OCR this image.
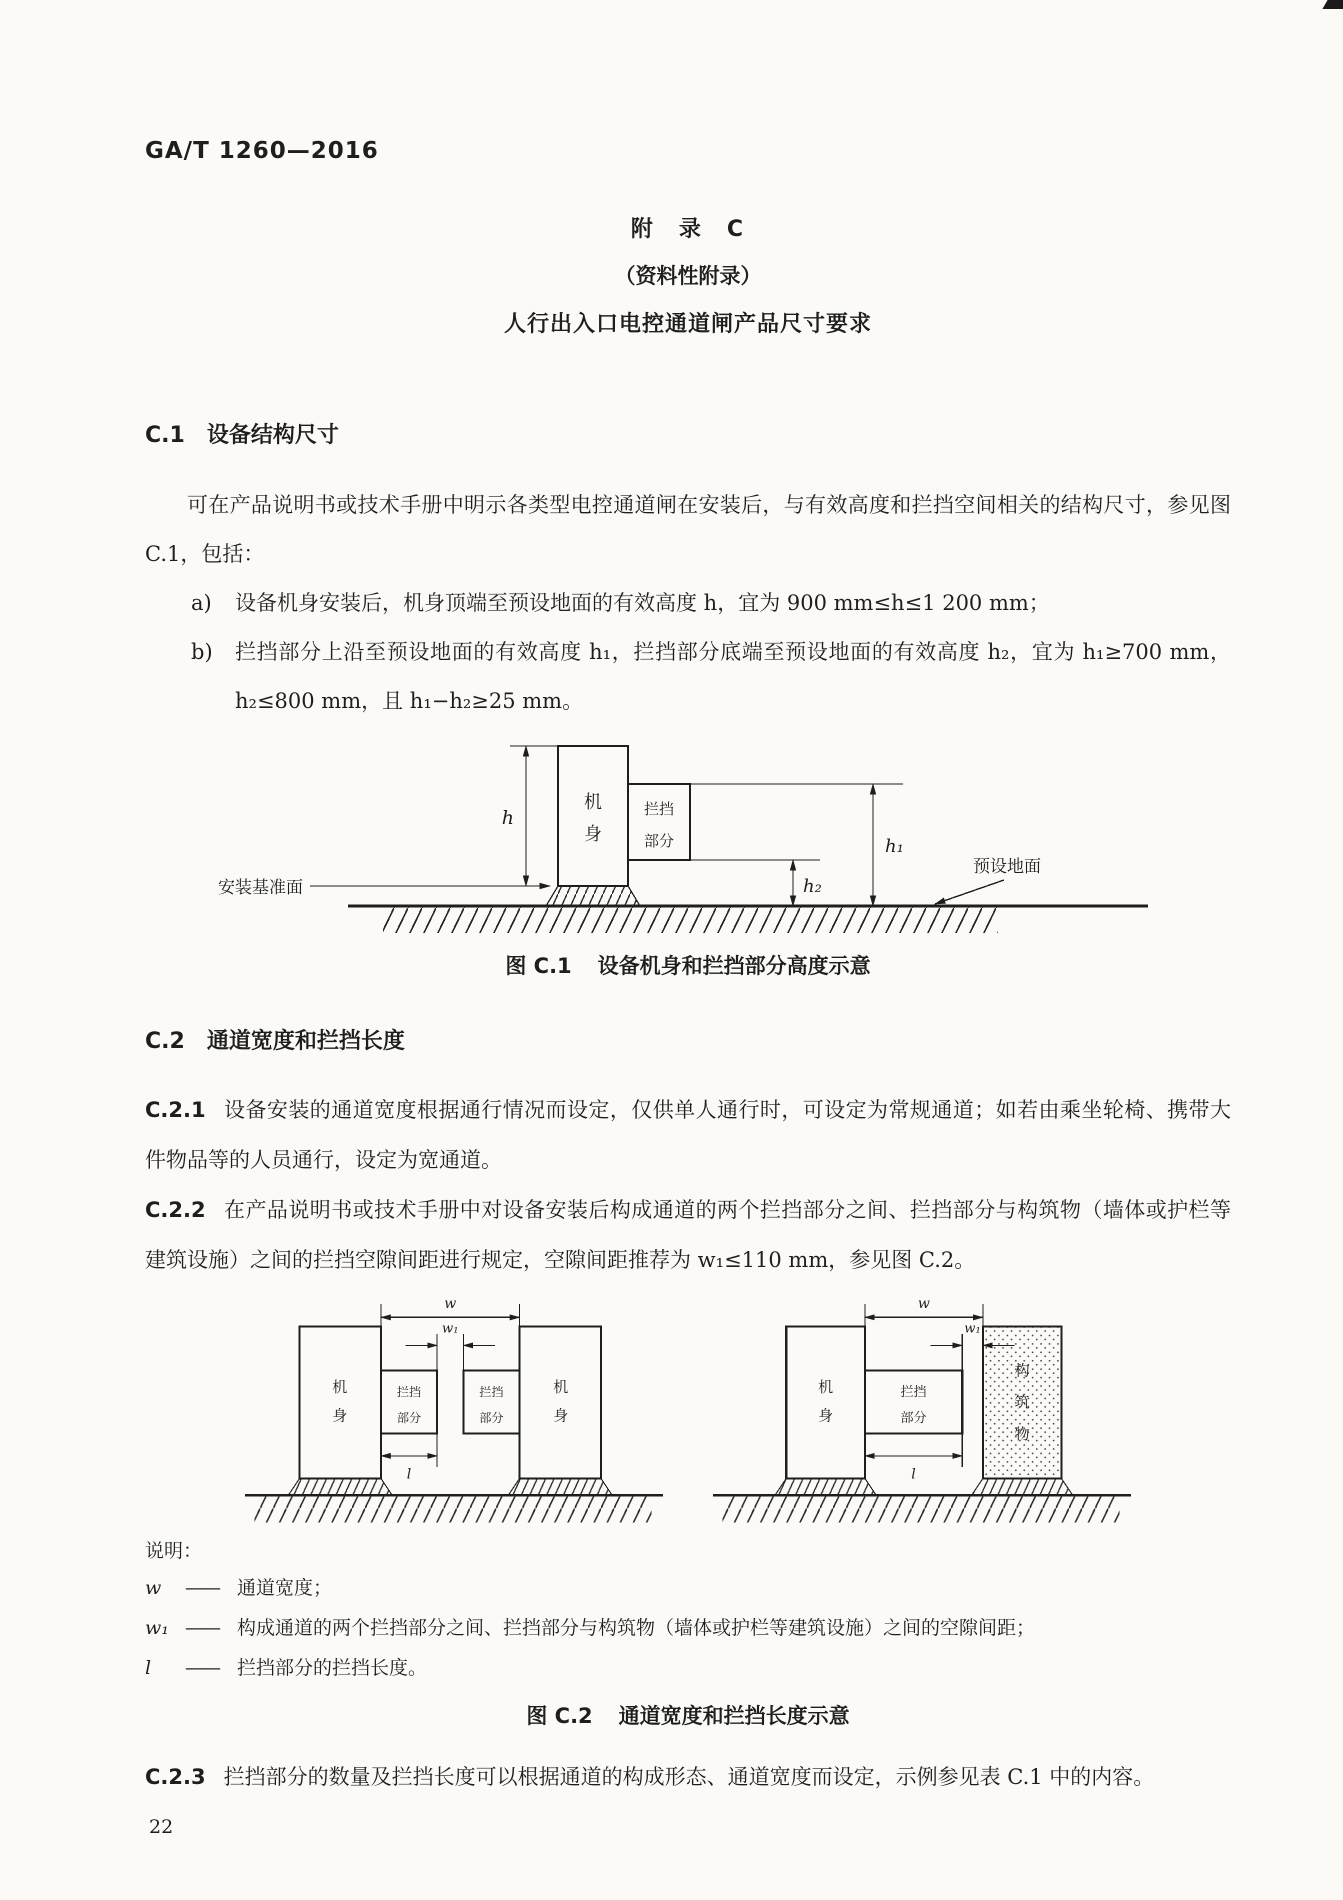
GA/T 1260—2016
附　录　C
（资料性附录）
人行出入口电控通道闸产品尺寸要求
C.1 设备结构尺寸

可在产品说明书或技术手册中明示各类型电控通道闸在安装后，与有效高度和拦挡空间相关的结构尺寸，参见图 C.1，包括：

a) 设备机身安装后，机身顶端至预设地面的有效高度 h，宜为 900 mm≤h≤1 200 mm；
b) 拦挡部分上沿至预设地面的有效高度 h₁，拦挡部分底端至预设地面的有效高度 h₂，宜为 h₁≥700 mm，h₂≤800 mm，且 h₁−h₂≥25 mm。
机
身
拦挡
部分
h
h₁
h₂
安装基准面
预设地面
图 C.1 设备机身和拦挡部分高度示意
C.2 通道宽度和拦挡长度

C.2.1 设备安装的通道宽度根据通行情况而设定，仅供单人通行时，可设定为常规通道；如若由乘坐轮椅、携带大件物品等的人员通行，设定为宽通道。

C.2.2 在产品说明书或技术手册中对设备安装后构成通道的两个拦挡部分之间、拦挡部分与构筑物（墙体或护栏等建筑设施）之间的拦挡空隙间距进行规定，空隙间距推荐为 w₁≤110 mm，参见图 C.2。

机
身
机
身
拦挡
部分
拦挡
部分
w
w₁
l
机
身
拦挡
部分
构
筑
物
w
w₁
l
说明：
w	—— 通道宽度；
w₁ —— 构成通道的两个拦挡部分之间、拦挡部分与构筑物（墙体或护栏等建筑设施）之间的空隙间距；
l	—— 拦挡部分的拦挡长度。
图 C.2 通道宽度和拦挡长度示意

C.2.3 拦挡部分的数量及拦挡长度可以根据通道的构成形态、通道宽度而设定，示例参见表 C.1 中的内容。

22
